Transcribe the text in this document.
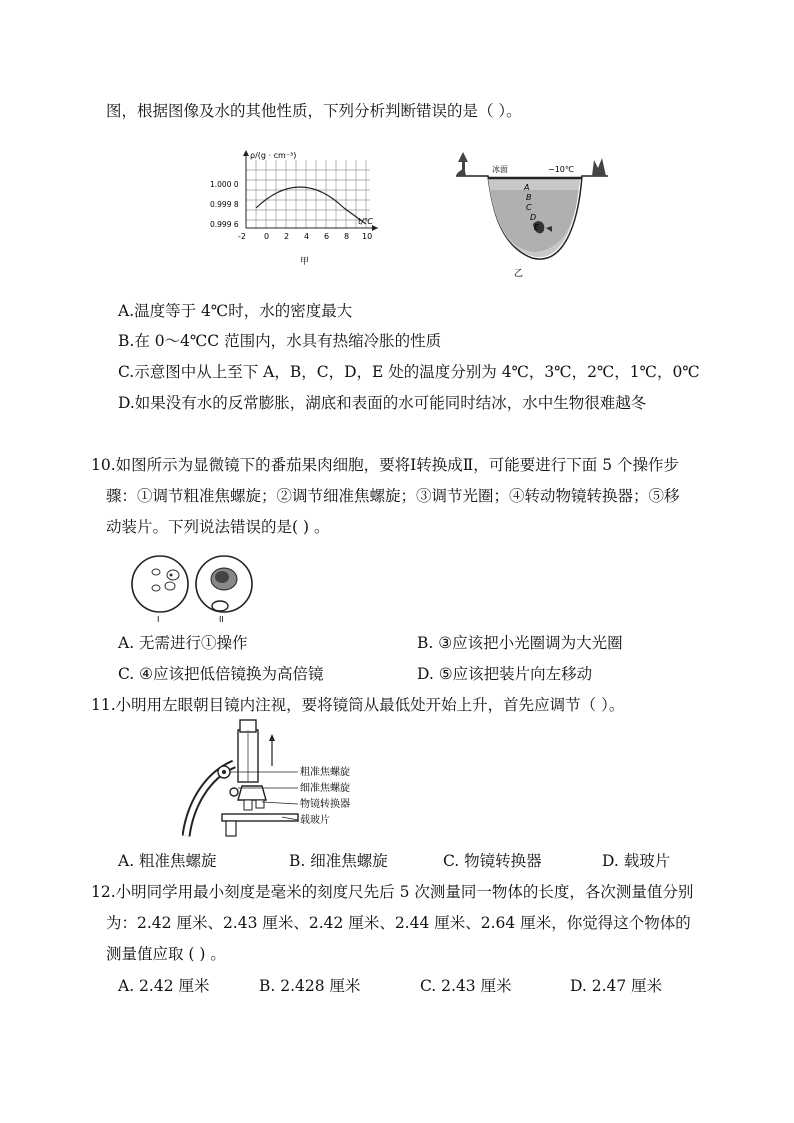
图，根据图像及水的其他性质，下列分析判断错误的是（ ）。
ρ/(g · cm⁻³)
1.000 0
0.999 8
0.999 6
-2 0 2 4 6 8 10
t/℃
甲
冰面	−10℃
A
B
C
D
E
乙
A.温度等于 4℃时，水的密度最大
B.在 0～4℃C 范围内，水具有热缩冷胀的性质
C.示意图中从上至下 A，B，C，D，E 处的温度分别为 4℃，3℃，2℃，1℃，0℃
D.如果没有水的反常膨胀，湖底和表面的水可能同时结冰，水中生物很难越冬
10.如图所示为显微镜下的番茄果肉细胞，要将Ⅰ转换成Ⅱ，可能要进行下面 5 个操作步
骤：①调节粗准焦螺旋；②调节细准焦螺旋；③调节光圈；④转动物镜转换器；⑤移
动装片。下列说法错误的是( ) 。
I	II
A. 无需进行①操作	B. ③应该把小光圈调为大光圈
C. ④应该把低倍镜换为高倍镜	D. ⑤应该把装片向左移动
11.小明用左眼朝目镜内注视，要将镜筒从最低处开始上升，首先应调节（ ）。
粗准焦螺旋
细准焦螺旋
物镜转换器
载玻片
A. 粗准焦螺旋	B. 细准焦螺旋	C. 物镜转换器	D. 载玻片
12.小明同学用最小刻度是毫米的刻度尺先后 5 次测量同一物体的长度，各次测量值分别
为：2.42 厘米、2.43 厘米、2.42 厘米、2.44 厘米、2.64 厘米，你觉得这个物体的
测量值应取 ( ) 。
A. 2.42 厘米	B. 2.428 厘米	C. 2.43 厘米	D. 2.47 厘米
